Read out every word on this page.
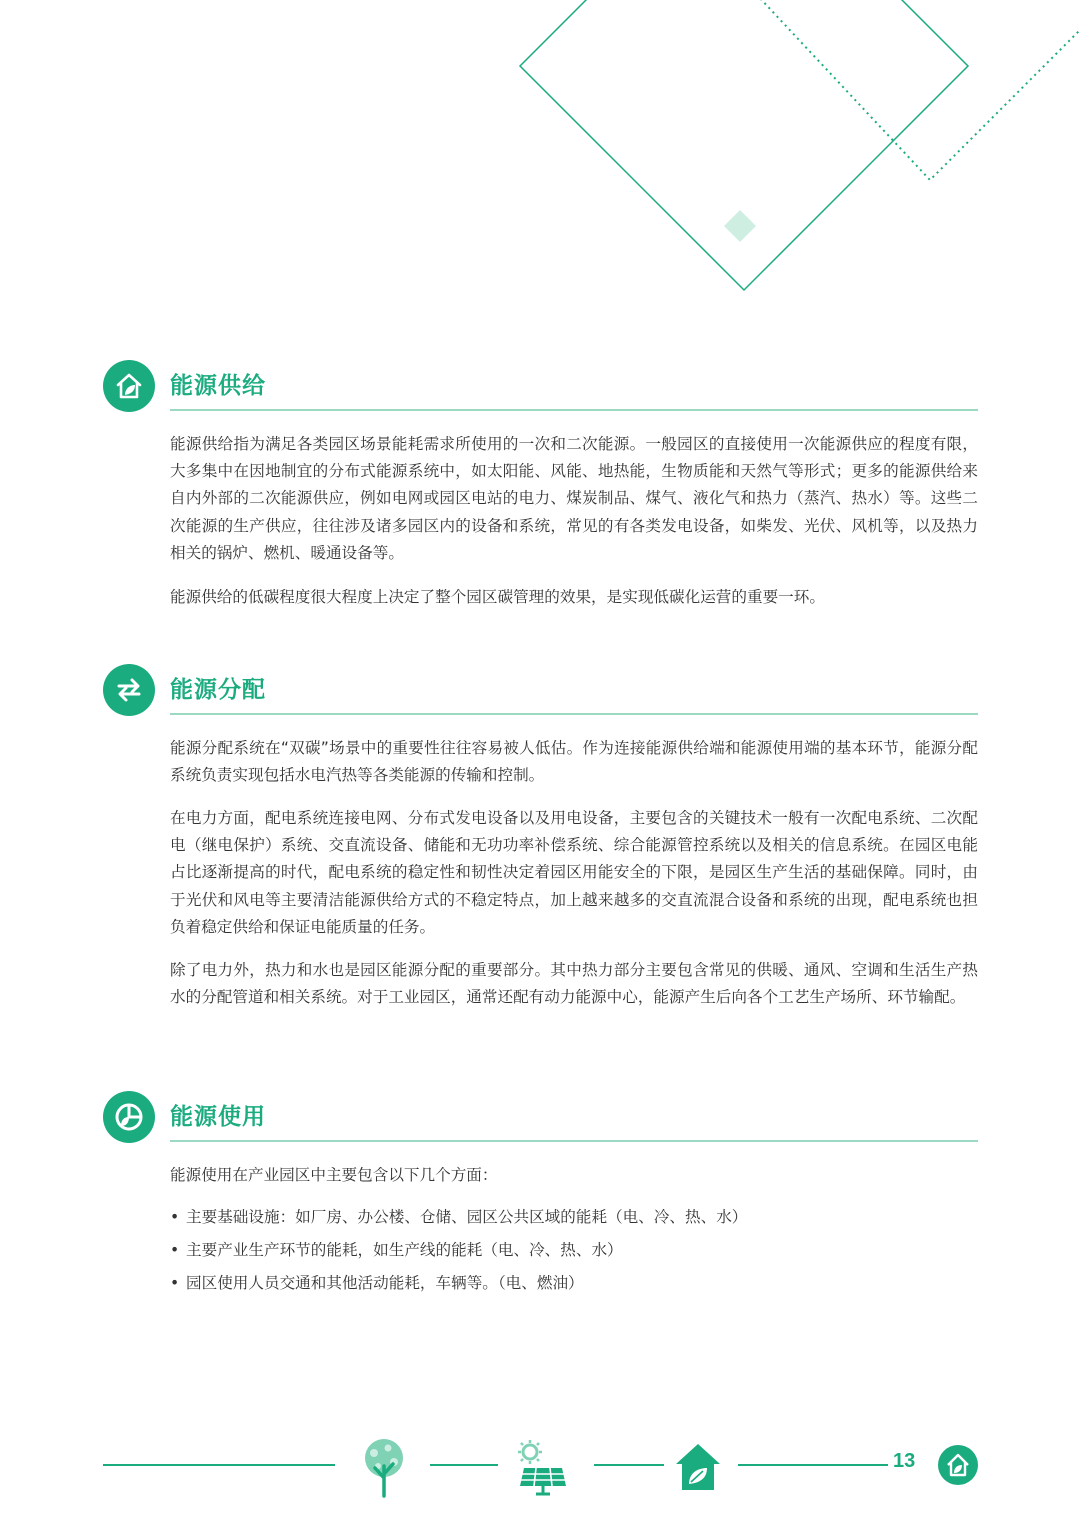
能源供给

能源供给指为满足各类园区场景能耗需求所使用的一次和二次能源。一般园区的直接使用一次能源供应的程度有限，大多集中在因地制宜的分布式能源系统中，如太阳能、风能、地热能，生物质能和天然气等形式；更多的能源供给来自内外部的二次能源供应，例如电网或园区电站的电力、煤炭制品、煤气、液化气和热力（蒸汽、热水）等。这些二次能源的生产供应，往往涉及诸多园区内的设备和系统，常见的有各类发电设备，如柴发、光伏、风机等，以及热力相关的锅炉、燃机、暖通设备等。

能源供给的低碳程度很大程度上决定了整个园区碳管理的效果，是实现低碳化运营的重要一环。

能源分配

能源分配系统在“双碳”场景中的重要性往往容易被人低估。作为连接能源供给端和能源使用端的基本环节，能源分配系统负责实现包括水电汽热等各类能源的传输和控制。

在电力方面，配电系统连接电网、分布式发电设备以及用电设备，主要包含的关键技术一般有一次配电系统、二次配电（继电保护）系统、交直流设备、储能和无功功率补偿系统、综合能源管控系统以及相关的信息系统。在园区电能占比逐渐提高的时代，配电系统的稳定性和韧性决定着园区用能安全的下限，是园区生产生活的基础保障。同时，由于光伏和风电等主要清洁能源供给方式的不稳定特点，加上越来越多的交直流混合设备和系统的出现，配电系统也担负着稳定供给和保证电能质量的任务。

除了电力外，热力和水也是园区能源分配的重要部分。其中热力部分主要包含常见的供暖、通风、空调和生活生产热水的分配管道和相关系统。对于工业园区，通常还配有动力能源中心，能源产生后向各个工艺生产场所、环节输配。

能源使用

能源使用在产业园区中主要包含以下几个方面：

• 主要基础设施：如厂房、办公楼、仓储、园区公共区域的能耗（电、冷、热、水）
• 主要产业生产环节的能耗，如生产线的能耗（电、冷、热、水）
• 园区使用人员交通和其他活动能耗，车辆等。（电、燃油）
13
